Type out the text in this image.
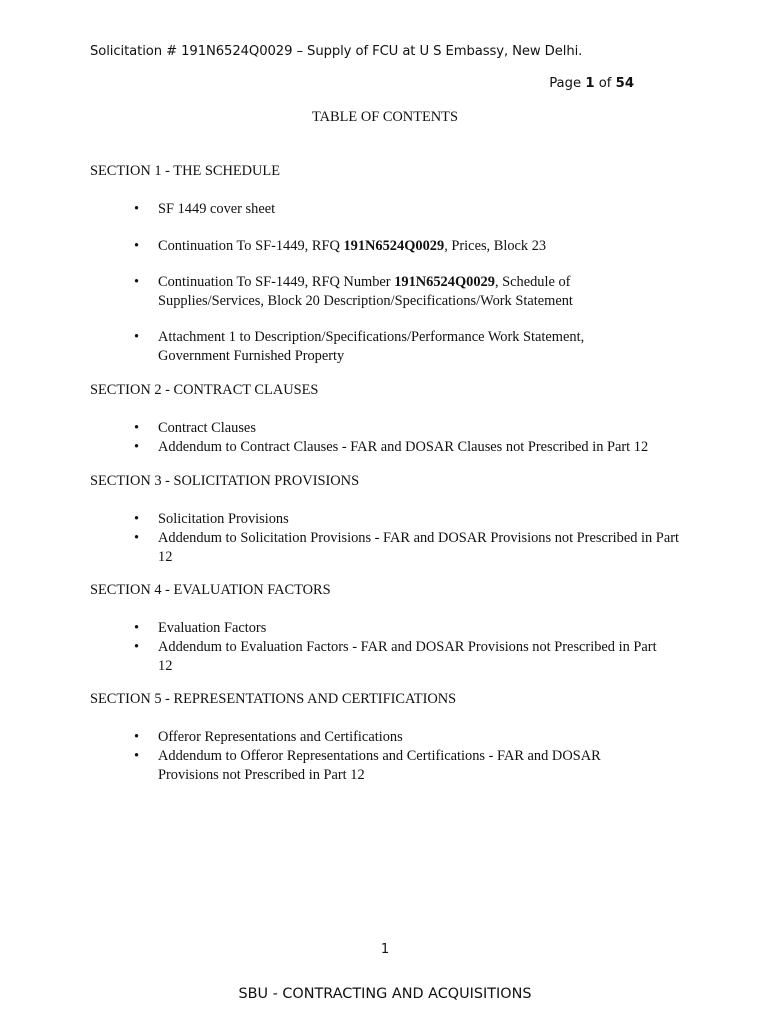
Solicitation # 191N6524Q0029 – Supply of FCU at U S Embassy, New Delhi.
Page 1 of 54
TABLE OF CONTENTS
SECTION 1 - THE SCHEDULE
• SF 1449 cover sheet
• Continuation To SF-1449, RFQ 191N6524Q0029, Prices, Block 23
• Continuation To SF-1449, RFQ Number 191N6524Q0029, Schedule of Supplies/Services, Block 20 Description/Specifications/Work Statement
• Attachment 1 to Description/Specifications/Performance Work Statement, Government Furnished Property
SECTION 2 - CONTRACT CLAUSES
• Contract Clauses
• Addendum to Contract Clauses - FAR and DOSAR Clauses not Prescribed in Part 12
SECTION 3 - SOLICITATION PROVISIONS
• Solicitation Provisions
• Addendum to Solicitation Provisions - FAR and DOSAR Provisions not Prescribed in Part 12
SECTION 4 - EVALUATION FACTORS
• Evaluation Factors
• Addendum to Evaluation Factors - FAR and DOSAR Provisions not Prescribed in Part 12
SECTION 5 - REPRESENTATIONS AND CERTIFICATIONS
• Offeror Representations and Certifications
• Addendum to Offeror Representations and Certifications - FAR and DOSAR Provisions not Prescribed in Part 12
1
SBU - CONTRACTING AND ACQUISITIONS
